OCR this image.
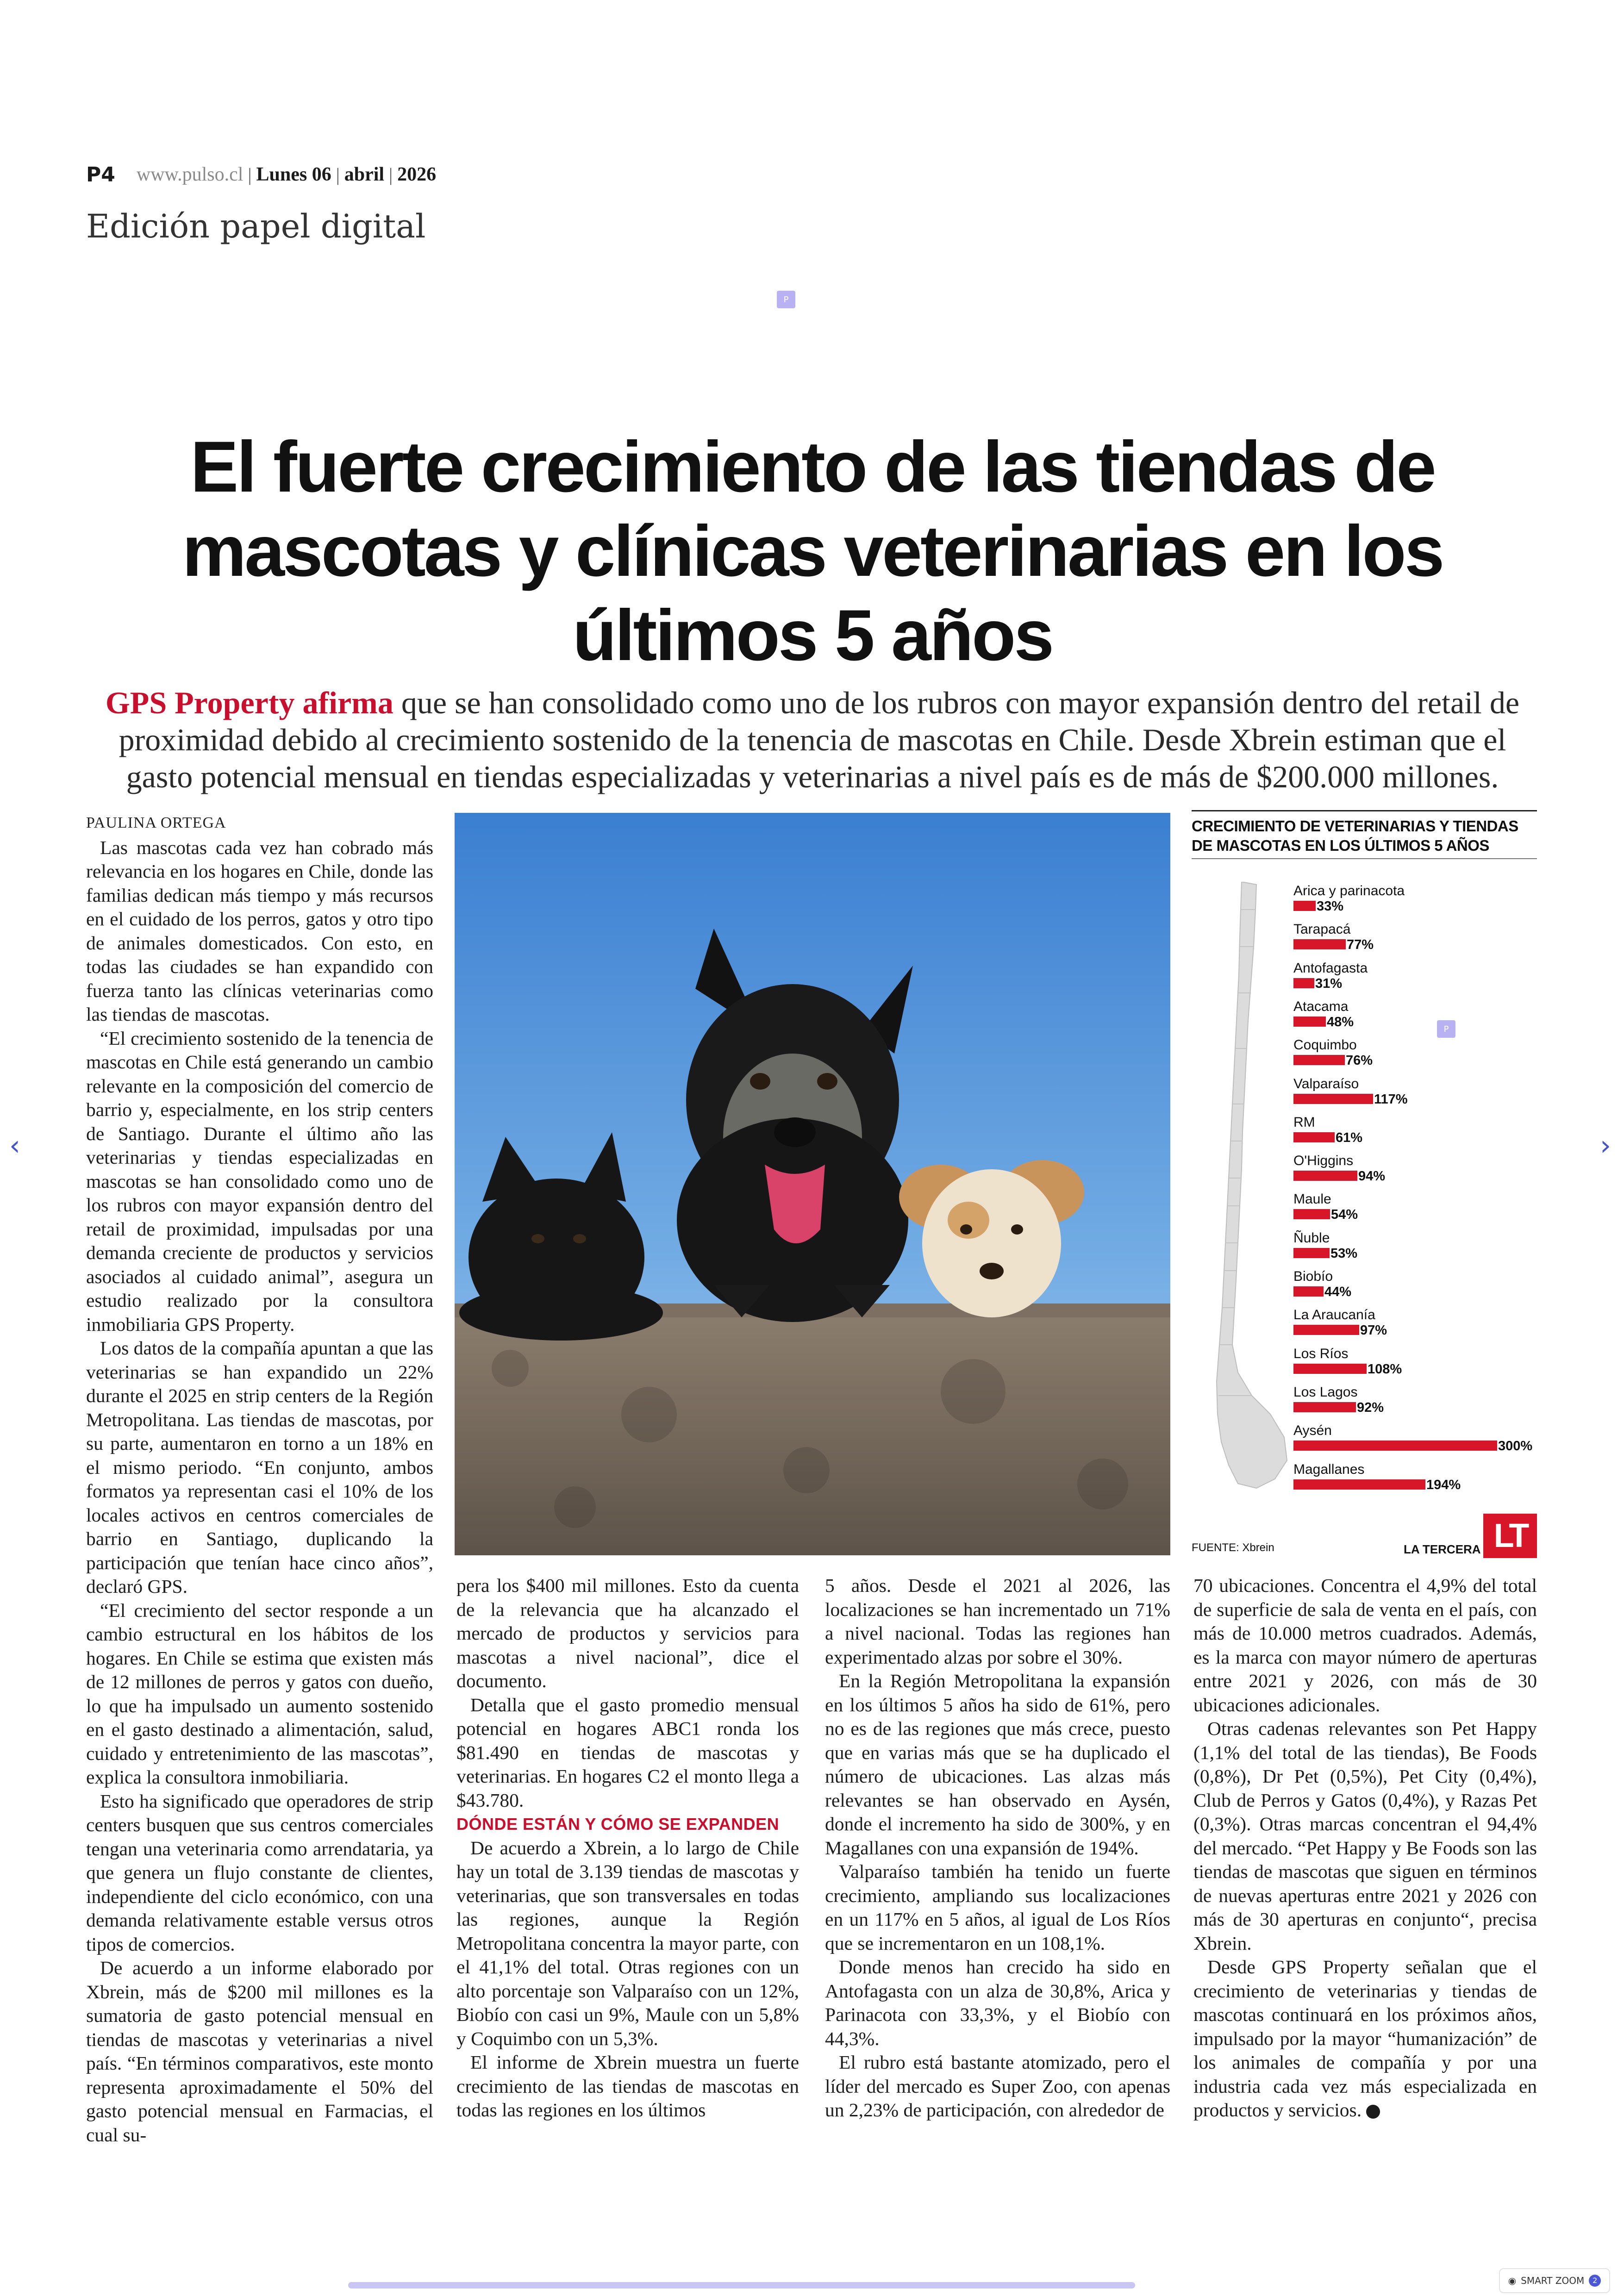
P4 www.pulso.cl | Lunes 06 | abril | 2026
Edición papel digital
P
El fuerte crecimiento de las tiendas de mascotas y clínicas veterinarias en los últimos 5 años
GPS Property afirma que se han consolidado como uno de los rubros con mayor expansión dentro del retail de proximidad debido al crecimiento sostenido de la tenencia de mascotas en Chile. Desde Xbrein estiman que el gasto potencial mensual en tiendas especializadas y veterinarias a nivel país es de más de $200.000 millones.
PAULINA ORTEGA

Las mascotas cada vez han cobrado más relevancia en los hogares en Chile, donde las familias dedican más tiempo y más recursos en el cuidado de los perros, gatos y otro tipo de animales domesticados. Con esto, en todas las ciudades se han expandido con fuerza tanto las clínicas veterinarias como las tiendas de mascotas.

“El crecimiento sostenido de la tenencia de mascotas en Chile está generando un cambio relevante en la composición del comercio de barrio y, especialmente, en los strip centers de Santiago. Durante el último año las veterinarias y tiendas especializadas en mascotas se han consolidado como uno de los rubros con mayor expansión dentro del retail de proximidad, impulsadas por una demanda creciente de productos y servicios asociados al cuidado animal”, asegura un estudio realizado por la consultora inmobiliaria GPS Property.

Los datos de la compañía apuntan a que las veterinarias se han expandido un 22% durante el 2025 en strip centers de la Región Metropolitana. Las tiendas de mascotas, por su parte, aumentaron en torno a un 18% en el mismo periodo. “En conjunto, ambos formatos ya representan casi el 10% de los locales activos en centros comerciales de barrio en Santiago, duplicando la participación que tenían hace cinco años”, declaró GPS.

“El crecimiento del sector responde a un cambio estructural en los hábitos de los hogares. En Chile se estima que existen más de 12 millones de perros y gatos con dueño, lo que ha impulsado un aumento sostenido en el gasto destinado a alimentación, salud, cuidado y entretenimiento de las mascotas”, explica la consultora inmobiliaria.

Esto ha significado que operadores de strip centers busquen que sus centros comerciales tengan una veterinaria como arrendataria, ya que genera un flujo constante de clientes, independiente del ciclo económico, con una demanda relativamente estable versus otros tipos de comercios.

De acuerdo a un informe elaborado por Xbrein, más de $200 mil millones es la sumatoria de gasto potencial mensual en tiendas de mascotas y veterinarias a nivel país. “En términos comparativos, este monto representa aproximadamente el 50% del gasto potencial mensual en Farmacias, el cual su-

pera los $400 mil millones. Esto da cuenta de la relevancia que ha alcanzado el mercado de productos y servicios para mascotas a nivel nacional”, dice el documento.

Detalla que el gasto promedio mensual potencial en hogares ABC1 ronda los $81.490 en tiendas de mascotas y veterinarias. En hogares C2 el monto llega a $43.780.

DÓNDE ESTÁN Y CÓMO SE EXPANDEN

De acuerdo a Xbrein, a lo largo de Chile hay un total de 3.139 tiendas de mascotas y veterinarias, que son transversales en todas las regiones, aunque la Región Metropolitana concentra la mayor parte, con el 41,1% del total. Otras regiones con un alto porcentaje son Valparaíso con un 12%, Biobío con casi un 9%, Maule con un 5,8% y Coquimbo con un 5,3%.

El informe de Xbrein muestra un fuerte crecimiento de las tiendas de mascotas en todas las regiones en los últimos

5 años. Desde el 2021 al 2026, las localizaciones se han incrementado un 71% a nivel nacional. Todas las regiones han experimentado alzas por sobre el 30%.

En la Región Metropolitana la expansión en los últimos 5 años ha sido de 61%, pero no es de las regiones que más crece, puesto que en varias más que se ha duplicado el número de ubicaciones. Las alzas más relevantes se han observado en Aysén, donde el incremento ha sido de 300%, y en Magallanes con una expansión de 194%.

Valparaíso también ha tenido un fuerte crecimiento, ampliando sus localizaciones en un 117% en 5 años, al igual de Los Ríos que se incrementaron en un 108,1%.

Donde menos han crecido ha sido en Antofagasta con un alza de 30,8%, Arica y Parinacota con 33,3%, y el Biobío con 44,3%.

El rubro está bastante atomizado, pero el líder del mercado es Super Zoo, con apenas un 2,23% de participación, con alrededor de

70 ubicaciones. Concentra el 4,9% del total de superficie de sala de venta en el país, con más de 10.000 metros cuadrados. Además, es la marca con mayor número de aperturas entre 2021 y 2026, con más de 30 ubicaciones adicionales.

Otras cadenas relevantes son Pet Happy (1,1% del total de las tiendas), Be Foods (0,8%), Dr Pet (0,5%), Pet City (0,4%), Club de Perros y Gatos (0,4%), y Razas Pet (0,3%). Otras marcas concentran el 94,4% del mercado. “Pet Happy y Be Foods son las tiendas de mascotas que siguen en términos de nuevas aperturas entre 2021 y 2026 con más de 30 aperturas en conjunto“, precisa Xbrein.

Desde GPS Property señalan que el crecimiento de veterinarias y tiendas de mascotas continuará en los próximos años, impulsado por la mayor “humanización” de los animales de compañía y por una industria cada vez más especializada en productos y servicios. P

CRECIMIENTO DE VETERINARIAS Y TIENDAS DE MASCOTAS EN LOS ÚLTIMOS 5 AÑOS
Arica y parinacota
33%
Tarapacá
77%
Antofagasta
31%
Atacama
48%
Coquimbo
76%
Valparaíso
117%
RM
61%
O'Higgins
94%
Maule
54%
Ñuble
53%
Biobío
44%
La Araucanía
97%
Los Ríos
108%
Los Lagos
92%
Aysén
300%
Magallanes
194%
FUENTE: Xbrein	LA TERCERA LT
P
‹	›
◉ SMART ZOOM	2
